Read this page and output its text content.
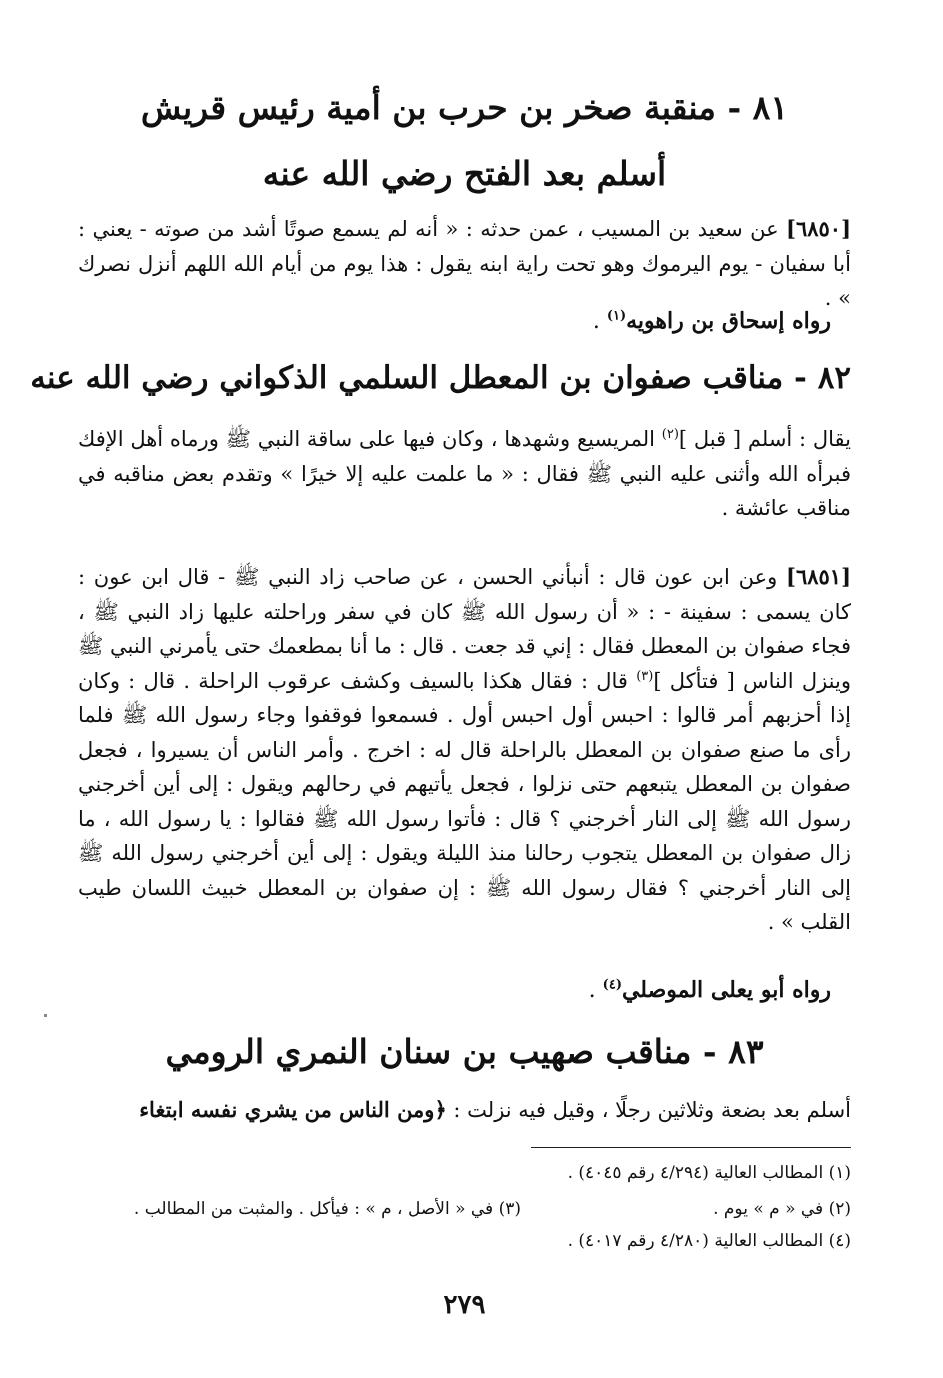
٨١ - منقبة صخر بن حرب بن أمية رئيس قريش
أسلم بعد الفتح رضي الله عنه
[٦٨٥٠] عن سعيد بن المسيب ، عمن حدثه : « أنه لم يسمع صوتًا أشد من صوته - يعني : أبا سفيان - يوم اليرموك وهو تحت راية ابنه يقول : هذا يوم من أيام الله اللهم أنزل نصرك » .
رواه إسحاق بن راهويه$^{(١)}$ .
٨٢ - مناقب صفوان بن المعطل السلمي الذكواني رضي الله عنه
يقال : أسلم [ قبل ]$^{(٢)}$ المريسيع وشهدها ، وكان فيها على ساقة النبي ﷺ ورماه أهل الإفك فبرأه الله وأثنى عليه النبي ﷺ فقال : « ما علمت عليه إلا خيرًا » وتقدم بعض مناقبه في مناقب عائشة .
[٦٨٥١] وعن ابن عون قال : أنبأني الحسن ، عن صاحب زاد النبي ﷺ - قال ابن عون : كان يسمى : سفينة - : « أن رسول الله ﷺ كان في سفر وراحلته عليها زاد النبي ﷺ ، فجاء صفوان بن المعطل فقال : إني قد جعت . قال : ما أنا بمطعمك حتى يأمرني النبي ﷺ وينزل الناس [ فتأكل ]$^{(٣)}$ قال : فقال هكذا بالسيف وكشف عرقوب الراحلة . قال : وكان إذا أحزبهم أمر قالوا : احبس أول احبس أول . فسمعوا فوقفوا وجاء رسول الله ﷺ فلما رأى ما صنع صفوان بن المعطل بالراحلة قال له : اخرج . وأمر الناس أن يسيروا ، فجعل صفوان بن المعطل يتبعهم حتى نزلوا ، فجعل يأتيهم في رحالهم ويقول : إلى أين أخرجني رسول الله ﷺ إلى النار أخرجني ؟ قال : فأتوا رسول الله ﷺ فقالوا : يا رسول الله ، ما زال صفوان بن المعطل يتجوب رحالنا منذ الليلة ويقول : إلى أين أخرجني رسول الله ﷺ إلى النار أخرجني ؟ فقال رسول الله ﷺ : إن صفوان بن المعطل خبيث اللسان طيب القلب » .
رواه أبو يعلى الموصلي$^{(٤)}$ .
٨٣ - مناقب صهيب بن سنان النمري الرومي
أسلم بعد بضعة وثلاثين رجلًا ، وقيل فيه نزلت : ﴿ومن الناس من يشري نفسه ابتغاء
(١) المطالب العالية (٤/٢٩٤ رقم ٤٠٤٥) .
(٢) في « م » يوم .
(٣) في « الأصل ، م » : فيأكل . والمثبت من المطالب .
(٤) المطالب العالية (٤/٢٨٠ رقم ٤٠١٧) .
٢٧٩
